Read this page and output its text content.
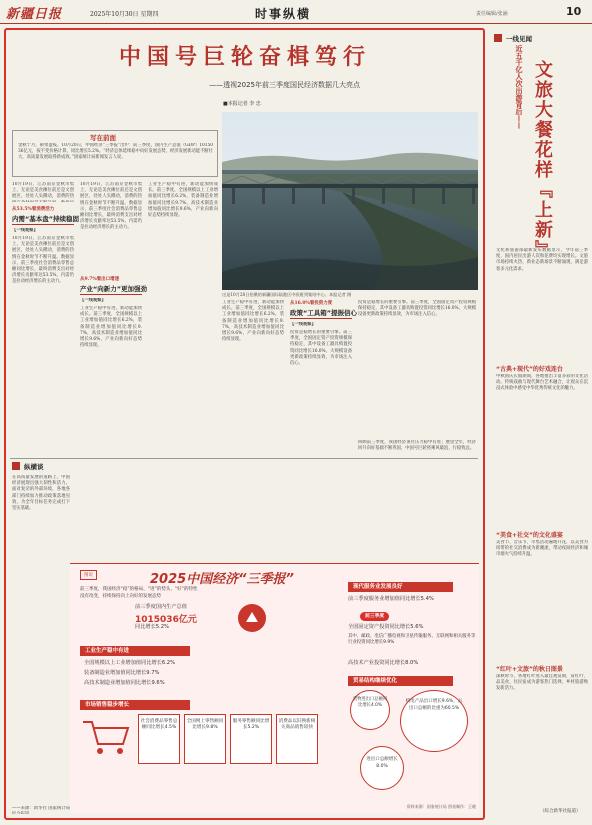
新疆日报	2025年10月30日 星期四	时事纵横	责任编辑/张涵	10
中国号巨轮奋楫笃行
——透视2025年前三季度国民经济数据几大亮点
■本报记者 李 忠
写在前面
金秋十月，硕果盈枝。10月20日，中国经济“三季报”出炉：前三季度，国内生产总值（GDP）1015036亿元，按不变价格计算，同比增长5.2%。“经济总体延续稳中向好发展态势，经济发展新动能不断壮大，高质量发展取得新成效。”国家统计局新闻发言人说。
这是10月28日拍摄的新疆国际陆港区中欧班列集结中心。本报记者 摄
10月19日，江苏南京金秋市集上，无论是美食摊位前还是文创展区，处处人头攒动，消费的热
从53.5%看消费活力
内需“基本盘”持续稳固
【一线观察】
10月19日，江苏南京金秋市集上，无论是美食摊位前还是文创展区，处处人头攒动，消费的热情在金秋时节不断升温。数据显示，前三季度社会消费品零售总额同比增长，最终消费支出对经济增长贡献率达53.5%，内需仍是拉动经济增长的主动力。
10月19日，江苏南京金秋市集上，无论是美食摊位前还是文创展区，处处人头攒动，消费的热情在金秋时节不断升温。数据显示，前三季度社会消费品零售总额同比增长，最终消费支出对经济增长贡献率达53.5%，内需仍是拉动经济增长的主动力。
从9.7%看出口增速
产业“向新力”更加强劲
【一线观察】
工业生产稳中有进，新动能加快成长。前三季度，全国规模以上工业增加值同比增长6.2%，装备制造业增加值同比增长9.7%，高技术制造业增加值同比增长9.6%，产业向新向好态势持续显现。
工业生产稳中有进，新动能加快成长。前三季度，全国规模以上工业增加值同比增长6.2%，装备制造业增加值同比增长9.7%，高技术制造业增加值同比增长9.6%，产业向新向好态势持续显现。
工业生产稳中有进，新动能加快成长。前三季度，全国规模以上工业增加值同比增长6.2%，装备制造业增加值同比增长9.7%，高技术制造业增加值同比增长9.6%，产业向新向好态势持续显现。
从16.0%看投资力度
政策“工具箱”提振信心
【一线观察】
投资是稳增长的重要引擎。前三季度，全国固定资产投资规模保持稳定，其中设备工器具购置投资同比增长16.0%，大规模设备更新政策持续显效，为市场注入信心。
投资是稳增长的重要引擎。前三季度，全国固定资产投资规模保持稳定，其中设备工器具购置投资同比增长16.0%，大规模设备更新政策持续显效，为市场注入信心。
回顾前三季度，我国经济顶住压力稳中有进；展望全年，经济回升向好基础不断巩固，中国号巨轮将乘风破浪、行稳致远。
纵横谈
在高质量发展的道路上，中国经济展现出强大韧性和活力。面对复杂的外部环境，各地各部门持续加力推动政策落地见效，为全年目标任务完成打下坚实基础。
——来源：新华社 国家统计局
图说	2025中国经济“三季报”
前三季度，我国经济“稳”的格局、“进”的势头、“好”的特性
没有改变，持续保持向上向好的发展态势
前三季度国内生产总值
1015036亿元
同比增长5.2%
工业生产稳中有进
全国规模以上工业增加值同比增长6.2%
装备制造业增加值同比增长9.7%
高技术制造业增加值同比增长9.6%
市场销售稳步增长
社会消费品零售总额同比增长4.5%
全国网上零售额同比增长9.8%
服务零售额同比增长5.2%
消费品以旧换新相关商品销售较快
现代服务业发展良好
前三季度服务业增加值同比增长5.4%
前三季度
全国固定资产投资同比增长5.6%
其中，邮政、电信广播电视和卫星传输服务、互联网和相关服务等行业投资同比增长9.9%
高技术产业投资同比增长8.0%
贸易结构继续优化
货物进出口总额同比增长4.0%
机电产品出口增长9.6%，占出口总额的比重为60.5%
进出口总额增长8.0%
资料来源：国家统计局 图表制作：王晓
一线见闻
近五千亿人次出游背后—— 文旅大餐花样『上新』
文化和旅游部最新发布数据显示，今年前三季度，国内居民出游人次和花费均实现增长。文旅市场持续火热，新业态新场景不断涌现，满足游客多元化需求。
“古典+现代”的好戏连台
中秋国庆长假期间，各地推出丰富多彩的文化活动。传统戏曲与现代舞台艺术融合，让观众在沉浸式体验中感受中华优秀传统文化的魅力。
“美食+社交”的文化盛宴
美食节、音乐节、市集活动遍地开花，以美食为纽带的社交消费成为新潮流，带动夜间经济和城市烟火气持续升温。
“红叶+文旅”的秋日图景
深秋时节，各地红叶进入最佳观赏期，赏红叶、品美食、住民宿成为游客热门选择，乡村旅游焕发新活力。
（综合新华社报道）
